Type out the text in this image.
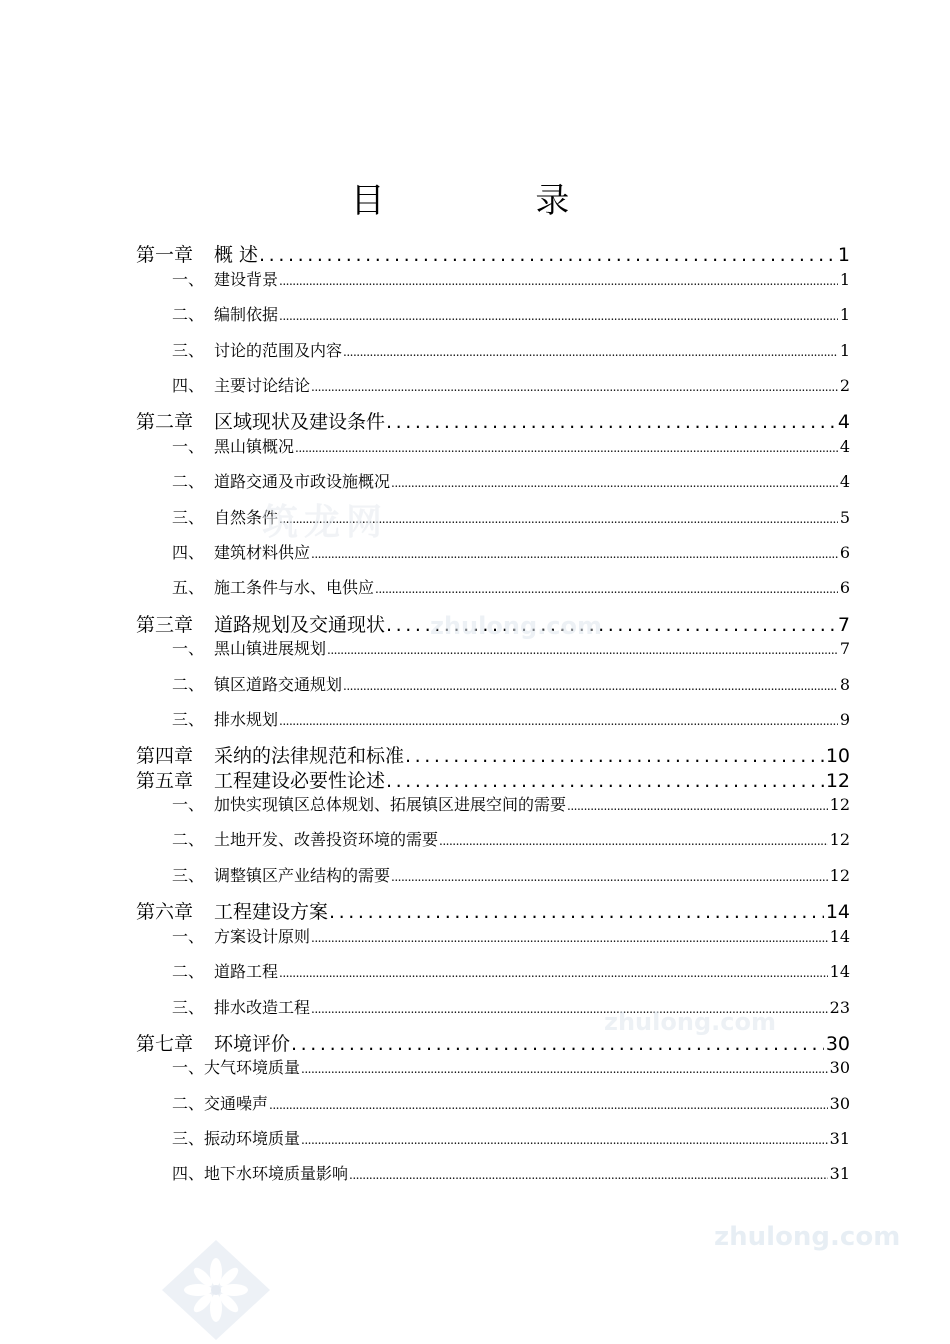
目 录
第一章	概 述 .....	1
一、 建设背景 .....	1
二、 编制依据 .....	1
三、 讨论的范围及内容 .....	1
四、 主要讨论结论 .....	2
第二章	区域现状及建设条件 .....	4
一、 黑山镇概况 .....	4
二、 道路交通及市政设施概况 .....	4
三、 自然条件 .....	5
四、 建筑材料供应 .....	6
五、 施工条件与水、电供应 .....	6
第三章	道路规划及交通现状 .....	7
一、 黑山镇进展规划 .....	7
二、 镇区道路交通规划 .....	8
三、 排水规划 .....	9
第四章	采纳的法律规范和标准 .....	10
第五章	工程建设必要性论述 .....	12
一、 加快实现镇区总体规划、拓展镇区进展空间的需要 .....	12
二、 土地开发、改善投资环境的需要 .....	12
三、 调整镇区产业结构的需要 .....	12
第六章	工程建设方案 .....	14
一、 方案设计原则 .....	14
二、 道路工程 .....	14
三、 排水改造工程 .....	23
第七章	环境评价 .....	30
一、 大气环境质量 .....	30
二、 交通噪声 .....	30
三、 振动环境质量 .....	31
四、 地下水环境质量影响 .....	31
筑龙网
zhulong.com
zhulong.com
zhulong.com
